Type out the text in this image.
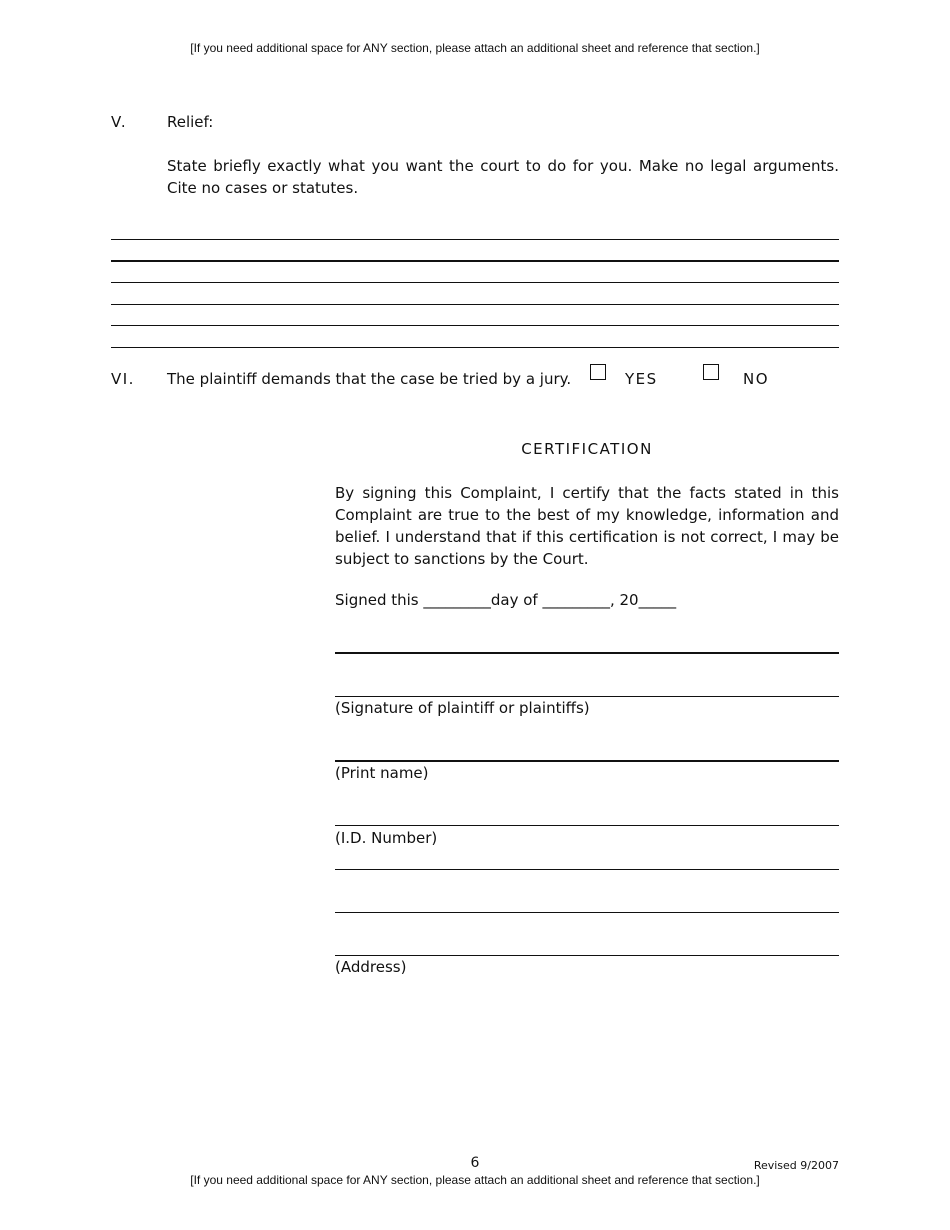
[If you need additional space for ANY section, please attach an additional sheet and reference that section.]
V.	Relief:
State briefly exactly what you want the court to do for you. Make no legal arguments. Cite no cases or statutes.
VI. The plaintiff demands that the case be tried by a jury.	YES	NO
CERTIFICATION
By signing this Complaint, I certify that the facts stated in this Complaint are true to the best of my knowledge, information and belief. I understand that if this certification is not correct, I may be subject to sanctions by the Court.
Signed this _________day of _________, 20_____
(Signature of plaintiff or plaintiffs)
(Print name)
(I.D. Number)
(Address)
6	Revised 9/2007
[If you need additional space for ANY section, please attach an additional sheet and reference that section.]
